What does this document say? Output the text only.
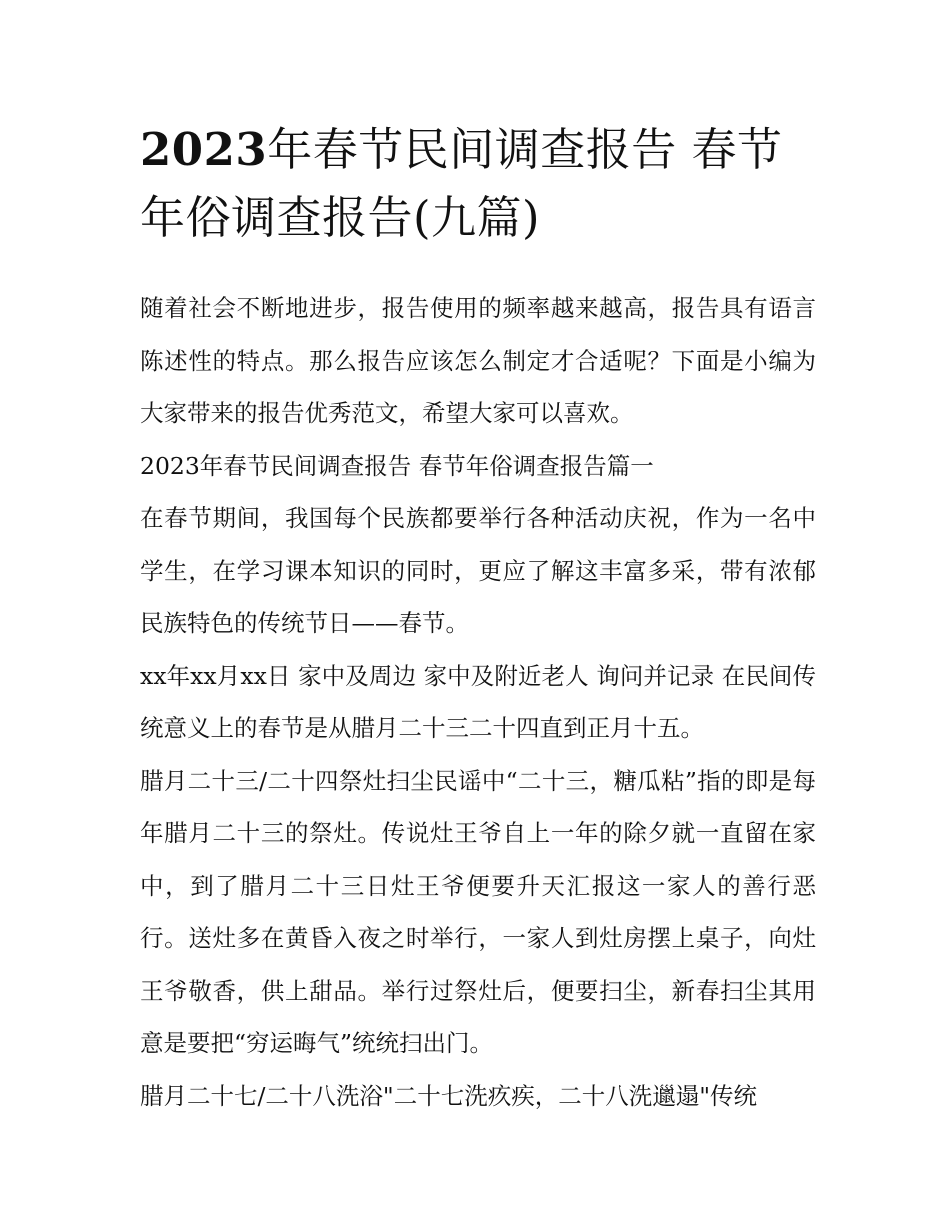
2023年春节民间调查报告 春节年俗调查报告(九篇)

随着社会不断地进步，报告使用的频率越来越高，报告具有语言陈述性的特点。那么报告应该怎么制定才合适呢？下面是小编为大家带来的报告优秀范文，希望大家可以喜欢。

2023年春节民间调查报告 春节年俗调查报告篇一

在春节期间，我国每个民族都要举行各种活动庆祝，作为一名中学生，在学习课本知识的同时，更应了解这丰富多采，带有浓郁民族特色的传统节日——春节。

xx年xx月xx日 家中及周边 家中及附近老人 询问并记录 在民间传统意义上的春节是从腊月二十三二十四直到正月十五。

腊月二十三/二十四祭灶扫尘民谣中“二十三，糖瓜粘”指的即是每年腊月二十三的祭灶。传说灶王爷自上一年的除夕就一直留在家中，到了腊月二十三日灶王爷便要升天汇报这一家人的善行恶行。送灶多在黄昏入夜之时举行，一家人到灶房摆上桌子，向灶王爷敬香，供上甜品。举行过祭灶后，便要扫尘，新春扫尘其用意是要把“穷运晦气”统统扫出门。

腊月二十七/二十八洗浴"二十七洗疚疾，二十八洗邋遢"传统
